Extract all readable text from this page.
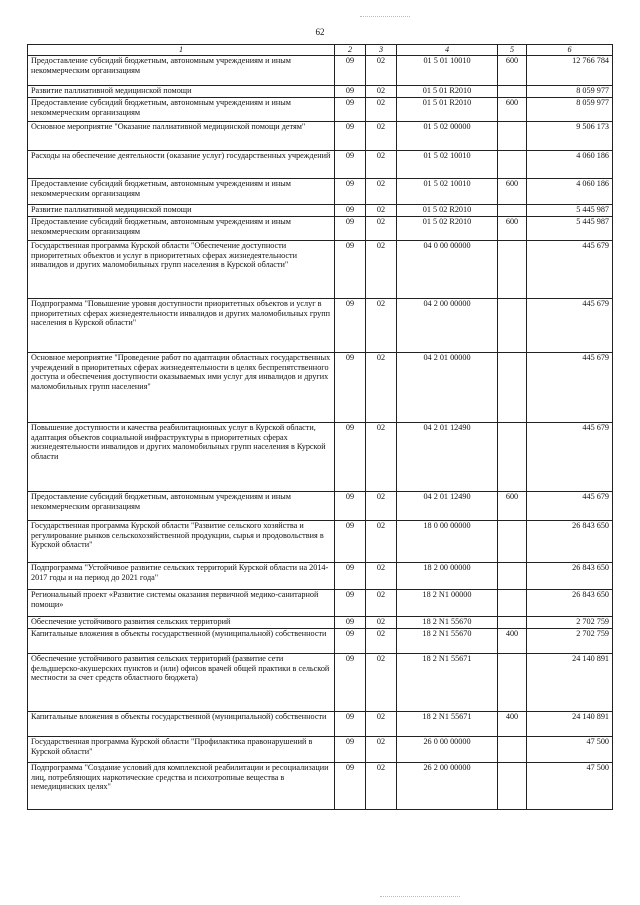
62
1	2	3	4	5	6
Предоставление субсидий бюджетным, автономным учреждениям и иным некоммерческим организациям	09	02	01 5 01 10010	600	12 766 784
Развитие паллиативной медицинской помощи	09	02	01 5 01 R2010		8 059 977
Предоставление субсидий бюджетным, автономным учреждениям и иным некоммерческим организациям	09	02	01 5 01 R2010	600	8 059 977
Основное мероприятие "Оказание паллиативной медицинской помощи детям"	09	02	01 5 02 00000		9 506 173
Расходы на обеспечение деятельности (оказание услуг) государственных учреждений	09	02	01 5 02 10010		4 060 186
Предоставление субсидий бюджетным, автономным учреждениям и иным некоммерческим организациям	09	02	01 5 02 10010	600	4 060 186
Развитие паллиативной медицинской помощи	09	02	01 5 02 R2010		5 445 987
Предоставление субсидий бюджетным, автономным учреждениям и иным некоммерческим организациям	09	02	01 5 02 R2010	600	5 445 987
Государственная программа Курской области "Обеспечение доступности приоритетных объектов и услуг в приоритетных сферах жизнедеятельности инвалидов и других маломобильных групп населения в Курской области"	09	02	04 0 00 00000		445 679
Подпрограмма "Повышение уровня доступности приоритетных объектов и услуг в приоритетных сферах жизнедеятельности инвалидов и других маломобильных групп населения в Курской области"	09	02	04 2 00 00000		445 679
Основное мероприятие "Проведение работ по адаптации областных государственных учреждений в приоритетных сферах жизнедеятельности в целях беспрепятственного доступа и обеспечения доступности оказываемых ими услуг для инвалидов и других маломобильных групп населения"	09	02	04 2 01 00000		445 679
Повышение доступности и качества реабилитационных услуг в Курской области, адаптация объектов социальной инфраструктуры в приоритетных сферах жизнедеятельности инвалидов и других маломобильных групп населения в Курской области	09	02	04 2 01 12490		445 679
Предоставление субсидий бюджетным, автономным учреждениям и иным некоммерческим организациям	09	02	04 2 01 12490	600	445 679
Государственная программа Курской области "Развитие сельского хозяйства и регулирование рынков сельскохозяйственной продукции, сырья и продовольствия в Курской области"	09	02	18 0 00 00000		26 843 650
Подпрограмма "Устойчивое развитие сельских территорий Курской области на 2014-2017 годы и на период до 2021 года"	09	02	18 2 00 00000		26 843 650
Региональный проект «Развитие системы оказания первичной медико-санитарной помощи»	09	02	18 2 N1 00000		26 843 650
Обеспечение устойчивого развития сельских территорий	09	02	18 2 N1 55670		2 702 759
Капитальные вложения в объекты государственной (муниципальной) собственности	09	02	18 2 N1 55670	400	2 702 759
Обеспечение устойчивого развития сельских территорий (развитие сети фельдшерско-акушерских пунктов и (или) офисов врачей общей практики в сельской местности за счет средств областного бюджета)	09	02	18 2 N1 55671		24 140 891
Капитальные вложения в объекты государственной (муниципальной) собственности	09	02	18 2 N1 55671	400	24 140 891
Государственная программа Курской области "Профилактика правонарушений в Курской области"	09	02	26 0 00 00000		47 500
Подпрограмма "Создание условий для комплексной реабилитации и ресоциализации лиц, потребляющих наркотические средства и психотропные вещества в немедицинских целях"	09	02	26 2 00 00000		47 500
